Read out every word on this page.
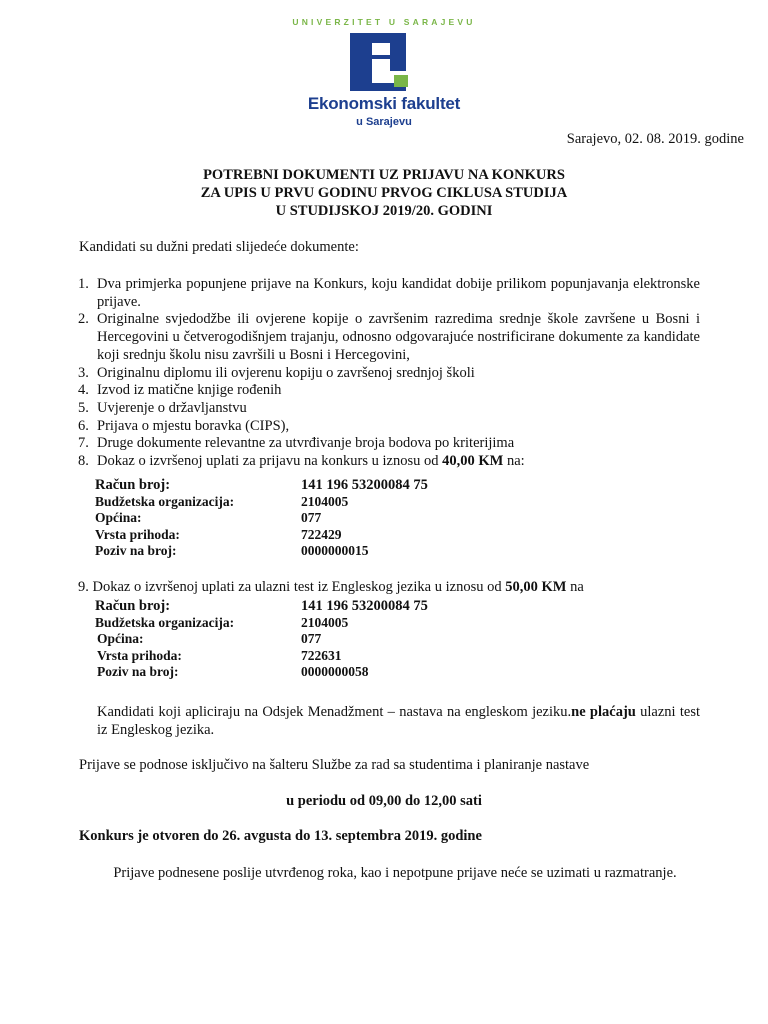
UNIVERZITET U SARAJEVU
Ekonomski fakultet
u Sarajevu
Sarajevo, 02. 08. 2019. godine
POTREBNI DOKUMENTI UZ PRIJAVU NA KONKURS
ZA UPIS U PRVU GODINU PRVOG CIKLUSA STUDIJA
U STUDIJSKOJ 2019/20. GODINI
Kandidati su dužni predati slijedeće dokumente:
1. Dva primjerka popunjene prijave na Konkurs, koju kandidat dobije prilikom popunjavanja elektronske prijave.
2. Originalne svjedodžbe ili ovjerene kopije o završenim razredima srednje škole završene u Bosni i Hercegovini u četverogodišnjem trajanju, odnosno odgovarajuće nostrificirane dokumente za kandidate koji srednju školu nisu završili u Bosni i Hercegovini,
3. Originalnu diplomu ili ovjerenu kopiju o završenoj srednjoj školi
4. Izvod iz matične knjige rođenih
5. Uvjerenje o državljanstvu
6. Prijava o mjestu boravka (CIPS),
7. Druge dokumente relevantne za utvrđivanje broja bodova po kriterijima
8. Dokaz o izvršenoj uplati za prijavu na konkurs u iznosu od 40,00 KM na:
Račun broj:	141 196 53200084 75
Budžetska organizacija:	2104005
Općina:	077
Vrsta prihoda:	722429
Poziv na broj:	0000000015
9. Dokaz o izvršenoj uplati za ulazni test iz Engleskog jezika u iznosu od 50,00 KM na
Račun broj:	141 196 53200084 75
Budžetska organizacija:	2104005
Općina:	077
Vrsta prihoda:	722631
Poziv na broj:	0000000058
Kandidati koji apliciraju na Odsjek Menadžment – nastava na engleskom jeziku.ne plaćaju ulazni test iz Engleskog jezika.
Prijave se podnose isključivo na šalteru Službe za rad sa studentima i planiranje nastave
u periodu od 09,00 do 12,00 sati
Konkurs je otvoren do 26. avgusta do 13. septembra 2019. godine
Prijave podnesene poslije utvrđenog roka, kao i nepotpune prijave neće se uzimati u razmatranje.
